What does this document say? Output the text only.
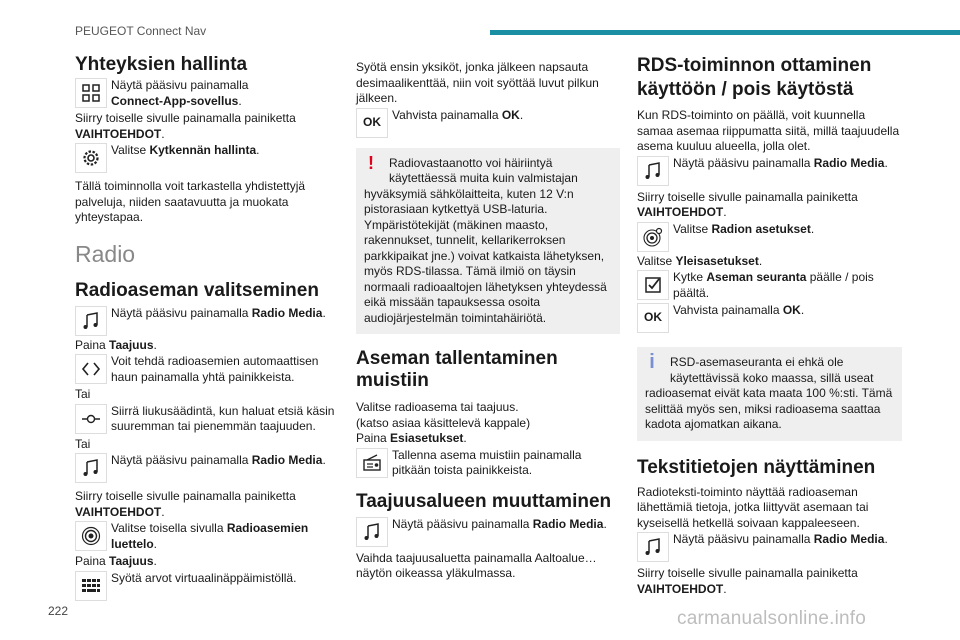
PEUGEOT Connect Nav

Yhteyksien hallinta

Näytä pääsivu painamalla
Connect-App-sovellus.

Siirry toiselle sivulle painamalla painiketta
VAIHTOEHDOT.

Valitse Kytkennän hallinta.

Tällä toiminnolla voit tarkastella yhdistettyjä palveluja, niiden saatavuutta ja muokata yhteystapaa.

Radio

Radioaseman valitseminen

Näytä pääsivu painamalla Radio Media.

Paina Taajuus.

Voit tehdä radioasemien automaattisen haun painamalla yhtä painikkeista.

Tai

Siirrä liukusäädintä, kun haluat etsiä käsin suuremman tai pienemmän taajuuden.

Tai

Näytä pääsivu painamalla Radio Media.

Siirry toiselle sivulle painamalla painiketta
VAIHTOEHDOT.

Valitse toisella sivulla Radioasemien luettelo.

Paina Taajuus.

Syötä arvot virtuaalinäppäimistöllä.

Syötä ensin yksiköt, jonka jälkeen napsauta desimaalikenttää, niin voit syöttää luvut pilkun jälkeen.

OK

Vahvista painamalla OK.

!	Radiovastaanotto voi häiriintyä käytettäessä muita kuin valmistajan

hyväksymiä sähkölaitteita, kuten 12 V:n pistorasiaan kytkettyä USB-laturia. Ympäristötekijät (mäkinen maasto, rakennukset, tunnelit, kellarikerroksen parkkipaikat jne.) voivat katkaista lähetyksen, myös RDS-tilassa. Tämä ilmiö on täysin normaali radioaaltojen lähetyksen yhteydessä eikä missään tapauksessa osoita audiojärjestelmän toimintahäiriötä.

Aseman tallentaminen muistiin

Valitse radioasema tai taajuus.

(katso asiaa käsittelevä kappale)

Paina Esiasetukset.

Tallenna asema muistiin painamalla pitkään toista painikkeista.

Taajuusalueen muuttaminen

Näytä pääsivu painamalla Radio Media.

Vaihda taajuusaluetta painamalla Aaltoalue… näytön oikeassa yläkulmassa.

RDS-toiminnon ottaminen käyttöön / pois käytöstä

Kun RDS-toiminto on päällä, voit kuunnella samaa asemaa riippumatta siitä, millä taajuudella asema kuuluu alueella, jolla olet.

Näytä pääsivu painamalla Radio Media.

Siirry toiselle sivulle painamalla painiketta
VAIHTOEHDOT.

Valitse Radion asetukset.

Valitse Yleisasetukset.

Kytke Aseman seuranta päälle / pois päältä.

OK

Vahvista painamalla OK.

i	RSD-asemaseuranta ei ehkä ole käytettävissä koko maassa, sillä useat

radioasemat eivät kata maata 100 %:sti. Tämä selittää myös sen, miksi radioasema saattaa kadota ajomatkan aikana.

Tekstitietojen näyttäminen

Radioteksti-toiminto näyttää radioaseman lähettämiä tietoja, jotka liittyvät asemaan tai kyseisellä hetkellä soivaan kappaleeseen.

Näytä pääsivu painamalla Radio Media.

Siirry toiselle sivulle painamalla painiketta
VAIHTOEHDOT.

222	carmanualsonline.info
